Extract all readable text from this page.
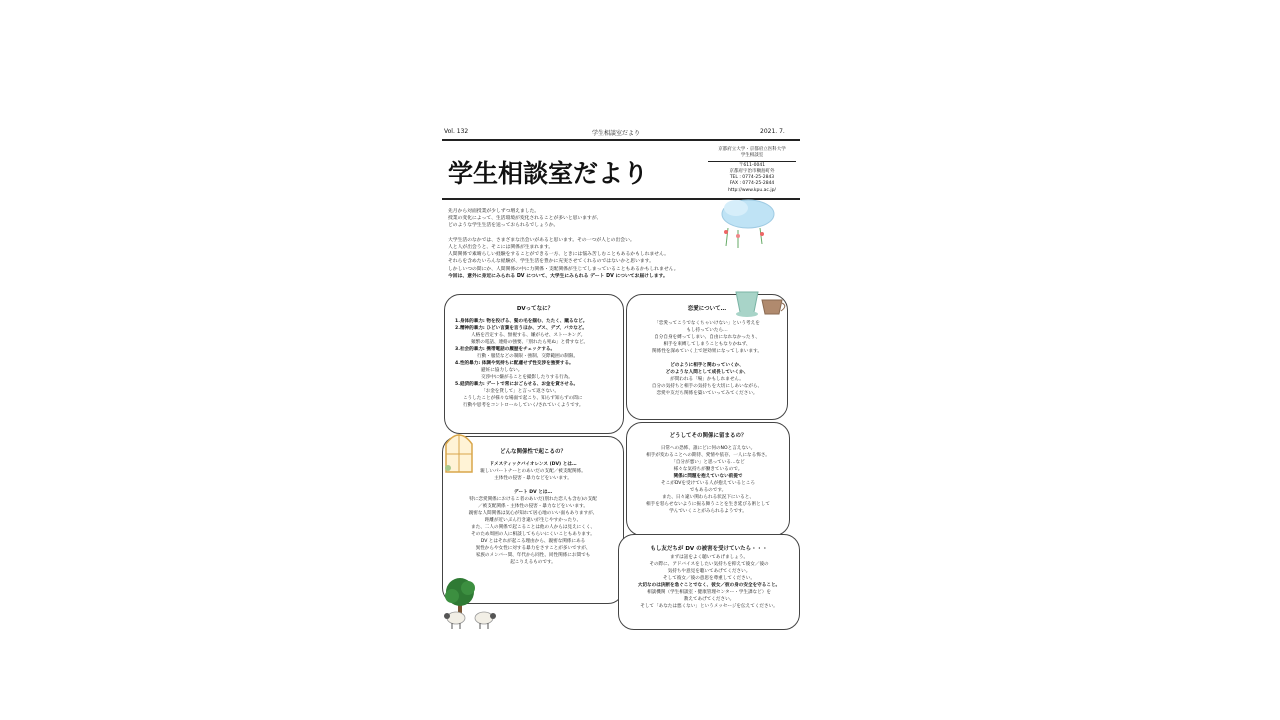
Vol. 132	学生相談室だより	2021. 7.
学生相談室だより
京都府立大学・京都府立医科大学
学生相談室
〒611-0041
京都府宇治市槇島町外
TEL : 0774-25-2843
FAX : 0774-25-2844
http://www.kpu.ac.jp/

先月から対面授業が少しずつ増えました。

授業の変化によって、生活環境が変化されることが多いと思いますが、

どのような学生生活を送っておられるでしょうか。

大学生活のなかでは、さまざまな出会いがあると思います。その一つが人との出会い。

人と人が出会うと、そこには関係が生まれます。

人間関係で素晴らしい経験をすることができる一方、ときには悩み苦しむこともあるかもしれません。

それらを含めたいろんな経験が、学生生活を豊かに充実させてくれるのではないかと思います。

しかしいつの間にか、人間関係の中に力関係・支配関係が生じてしまっていることもあるかもしれません。

今回は、意外に身近にみられる DV について、大学生にみられる デート DV についてお届けします。

DVってなに？

1.身体的暴力: 物を投げる、髪の毛を掴む、たたく、蹴るなど。

2.精神的暴力: ひどい言葉を言うほか、ブス、デブ、バカなど。

人格を否定する、無視する、嫌がらせ、ストーキング。

頻繁の電話、連絡の強要、「別れたら死ぬ」と脅すなど。

3.社会的暴力: 携帯電話の履歴をチェックする。

行動・服装などの制限・強制、交際範囲の制限。

4.性的暴力: 体調や気持ちに配慮せず性交渉を強要する。

避妊に協力しない。

交渉中に嫌がることを撮影したりする行為。

5.経済的暴力: デートで常におごらせる、お金を貸させる。

「お金を貸して」と言って返さない。

こうしたことが様々な場面で起こり、知らず知らずの間に

行動や思考をコントロールしていく/されていくようです。

恋愛について…

「恋愛ってこうでなくちゃいけない」という考えを

もし持っていたら…

自分自身を縛ってしまい、自由になれなかったり、

相手を束縛してしまうこともなりかねず、

関係性を深めていく上で逆効果になってしまいます。

どのように相手と関わっていくか、

どのような人間として成長していくか、

が問われる「場」かもしれません。

自分の気持ちと相手の気持ちを大切にしあいながら、

恋愛や友だち関係を築いていってみてください。

どんな関係性で起こるの？

ドメスティックバイオレンス (DV) とは…

親しいパートナーとのあいだの支配／被支配関係。

主体性の侵害・暴力などをいいます。

デート DV とは…

特に恋愛関係におけるこ者のあいだ(別れた恋人も含む)の支配

／被支配関係・主体性の侵害・暴力などをいいます。

親密な人間関係は気心が知れて居心地のいい面もありますが、

距離が近いぶん行き違いが生じやすかったり、

また、二人の関係で起こることは他の人からは見えにくく、

そのため周囲の人に相談してもらいにくいこともあります。

DV とはそれが起こる理由から、親密な関係にある

異性からや女性に対する暴力をさすことが多いですが、

家族のメンバー間、年代から同性、同性関係にお間でも

起こりえるものです。

どうしてその関係に留まるの？

日常への恐怖、誰にどに何のNOと言えない。

相手が変わることへの期待、愛情や依存、一人になる怖さ。

「自分が悪い」と思っている…など

様々な気持ちが働きているので。

関係に問題を抱えていない前提で

そこがDVを受けている人が抱えているところ

でもあるのです。

また、日々違い関わられる状況下にいると、

相手を怒らせないように振る舞うことを生き延びる術として

学んでいくことがみられるようです。

もし友だちが DV の被害を受けていたら・・・

まずは話をよく聴いてあげましょう。

その際に、アドバイスをしたい気持ちを抑えて彼女／彼の

気持ちや意見を聴いてあげてください。

そして彼女／彼の意思を尊重してください。

大切なのは決断を急ぐことでなく、彼女／彼の身の安全を守ること。

相談機関（学生相談室・健康管理センター・学生課など）を

教えてあげてください。

そして「あなたは悪くない」というメッセージを伝えてください。
